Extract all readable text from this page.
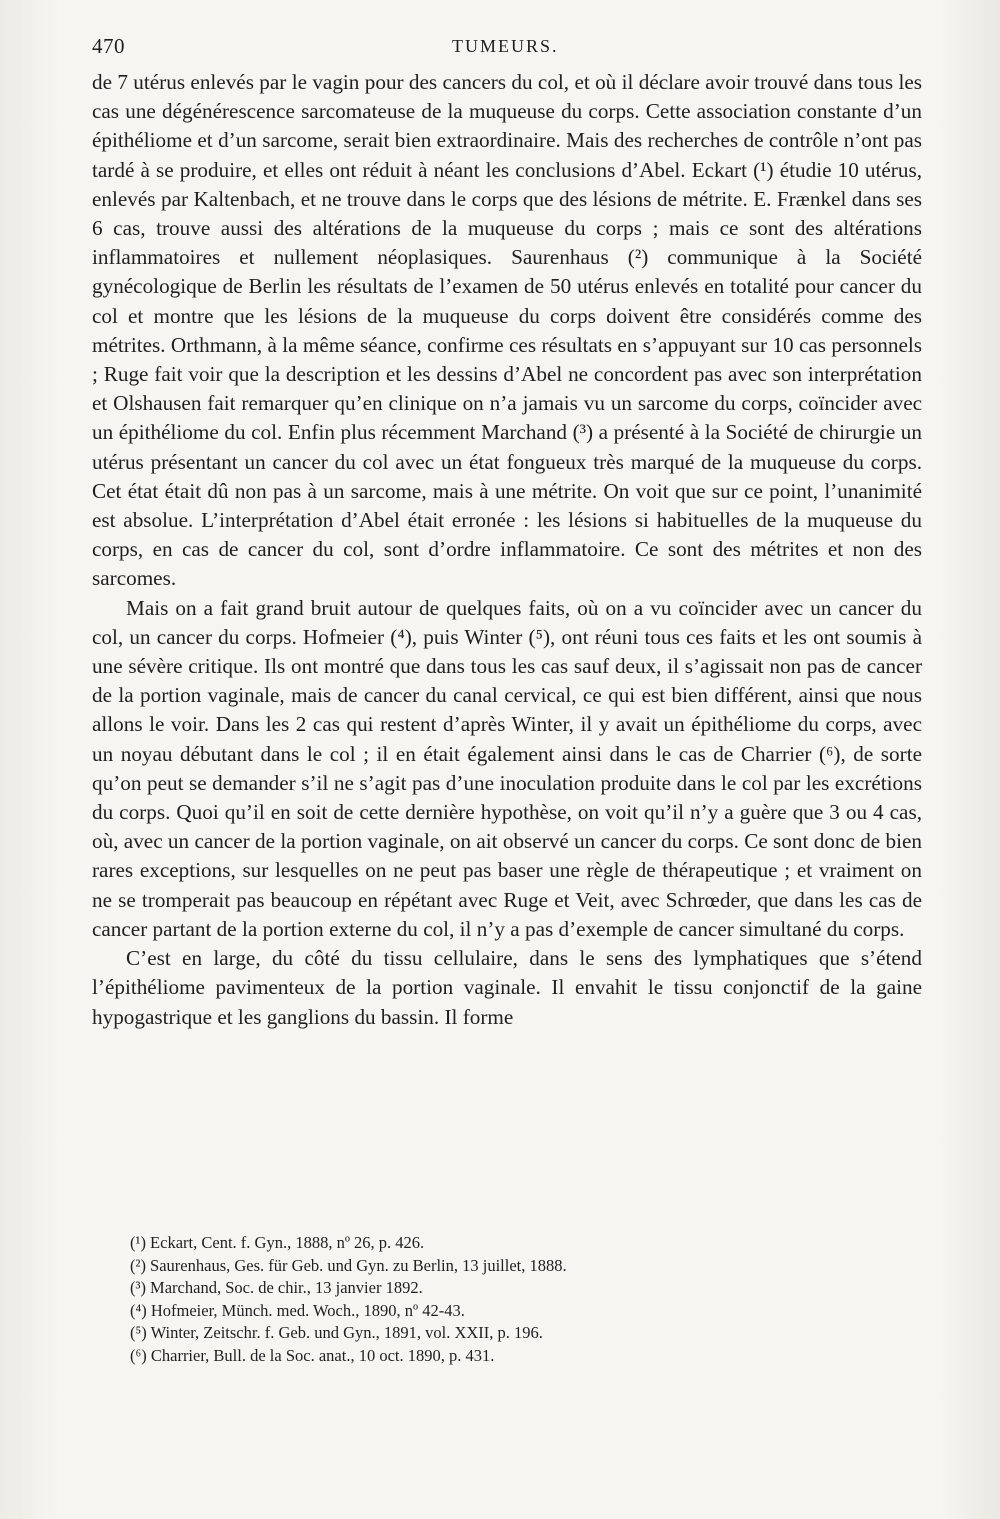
470	TUMEURS.

de 7 utérus enlevés par le vagin pour des cancers du col, et où il déclare avoir trouvé dans tous les cas une dégénérescence sarcomateuse de la muqueuse du corps. Cette association constante d’un épithéliome et d’un sarcome, serait bien extraordinaire. Mais des recherches de contrôle n’ont pas tardé à se produire, et elles ont réduit à néant les conclusions d’Abel. Eckart (¹) étudie 10 utérus, enlevés par Kaltenbach, et ne trouve dans le corps que des lésions de métrite. E. Frænkel dans ses 6 cas, trouve aussi des altérations de la muqueuse du corps ; mais ce sont des altérations inflammatoires et nullement néoplasiques. Saurenhaus (²) communique à la Société gynécologique de Berlin les résultats de l’examen de 50 utérus enlevés en totalité pour cancer du col et montre que les lésions de la muqueuse du corps doivent être considérés comme des métrites. Orthmann, à la même séance, confirme ces résultats en s’appuyant sur 10 cas personnels ; Ruge fait voir que la description et les dessins d’Abel ne concordent pas avec son interprétation et Olshausen fait remarquer qu’en clinique on n’a jamais vu un sarcome du corps, coïncider avec un épithéliome du col. Enfin plus récemment Marchand (³) a présenté à la Société de chirurgie un utérus présentant un cancer du col avec un état fongueux très marqué de la muqueuse du corps. Cet état était dû non pas à un sarcome, mais à une métrite. On voit que sur ce point, l’unanimité est absolue. L’interprétation d’Abel était erronée : les lésions si habituelles de la muqueuse du corps, en cas de cancer du col, sont d’ordre inflammatoire. Ce sont des métrites et non des sarcomes.

Mais on a fait grand bruit autour de quelques faits, où on a vu coïncider avec un cancer du col, un cancer du corps. Hofmeier (⁴), puis Winter (⁵), ont réuni tous ces faits et les ont soumis à une sévère critique. Ils ont montré que dans tous les cas sauf deux, il s’agissait non pas de cancer de la portion vaginale, mais de cancer du canal cervical, ce qui est bien différent, ainsi que nous allons le voir. Dans les 2 cas qui restent d’après Winter, il y avait un épithéliome du corps, avec un noyau débutant dans le col ; il en était également ainsi dans le cas de Charrier (⁶), de sorte qu’on peut se demander s’il ne s’agit pas d’une inoculation produite dans le col par les excrétions du corps. Quoi qu’il en soit de cette dernière hypothèse, on voit qu’il n’y a guère que 3 ou 4 cas, où, avec un cancer de la portion vaginale, on ait observé un cancer du corps. Ce sont donc de bien rares exceptions, sur lesquelles on ne peut pas baser une règle de thérapeutique ; et vraiment on ne se tromperait pas beaucoup en répétant avec Ruge et Veit, avec Schrœder, que dans les cas de cancer partant de la portion externe du col, il n’y a pas d’exemple de cancer simultané du corps.

C’est en large, du côté du tissu cellulaire, dans le sens des lymphatiques que s’étend l’épithéliome pavimenteux de la portion vaginale. Il envahit le tissu conjonctif de la gaine hypogastrique et les ganglions du bassin. Il forme

(¹) Eckart, Cent. f. Gyn., 1888, nº 26, p. 426.

(²) Saurenhaus, Ges. für Geb. und Gyn. zu Berlin, 13 juillet, 1888.

(³) Marchand, Soc. de chir., 13 janvier 1892.

(⁴) Hofmeier, Münch. med. Woch., 1890, nº 42-43.

(⁵) Winter, Zeitschr. f. Geb. und Gyn., 1891, vol. XXII, p. 196.

(⁶) Charrier, Bull. de la Soc. anat., 10 oct. 1890, p. 431.
